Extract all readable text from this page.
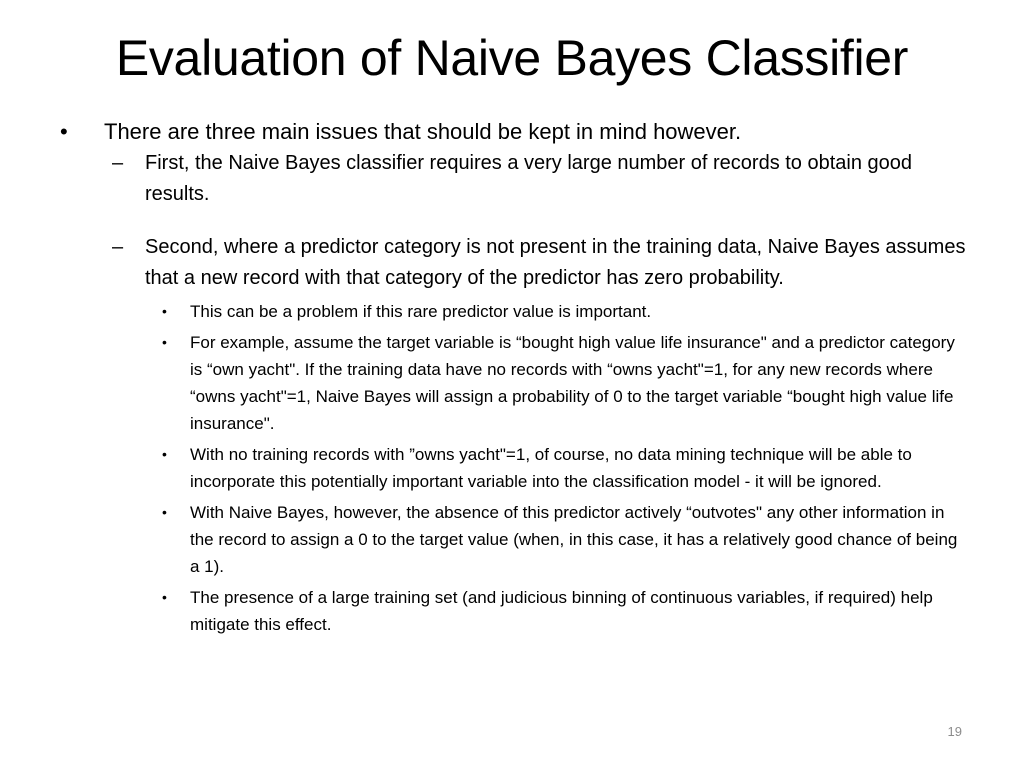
Evaluation of Naive Bayes Classifier
•	There are three main issues that should be kept in mind however.
–	First, the Naive Bayes classifier requires a very large number of records to obtain good results.
–	Second, where a predictor category is not present in the training data, Naive Bayes assumes that a new record with that category of the predictor has zero probability.
•	This can be a problem if this rare predictor value is important.
•	For example, assume the target variable is “bought high value life insurance" and a predictor category is “own yacht". If the training data have no records with “owns yacht"=1, for any new records where “owns yacht"=1, Naive Bayes will assign a probability of 0 to the target variable “bought high value life insurance".
•	With no training records with ”owns yacht"=1, of course, no data mining technique will be able to incorporate this potentially important variable into the classification model - it will be ignored.
•	With Naive Bayes, however, the absence of this predictor actively “outvotes" any other information in the record to assign a 0 to the target value (when, in this case, it has a relatively good chance of being a 1).
•	The presence of a large training set (and judicious binning of continuous variables, if required) help mitigate this effect.
19
